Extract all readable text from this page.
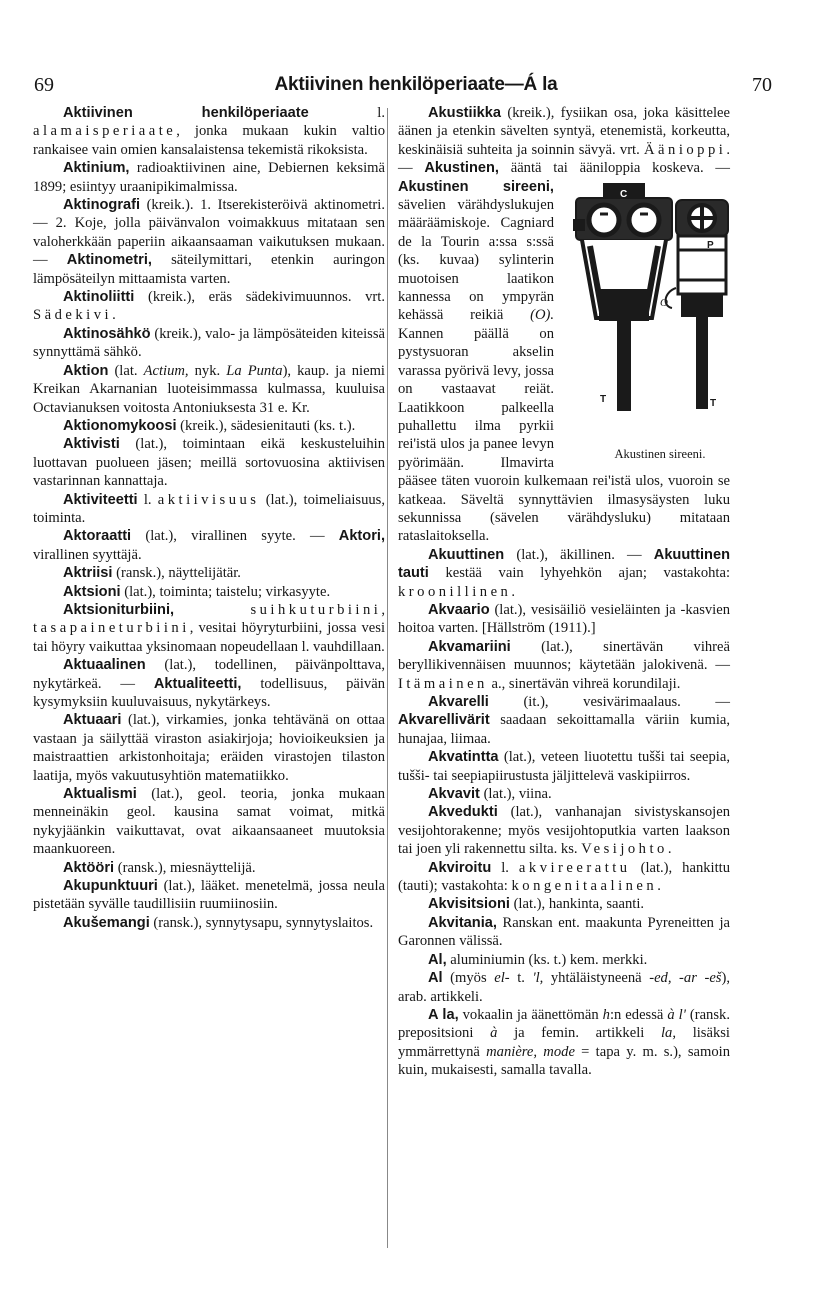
69	Aktiivinen henkilöperiaate—Á la	70

Aktiivinen henkilöperiaate l. alamaisperiaate, jonka mukaan kukin valtio rankaisee vain omien kansalaistensa tekemistä rikoksista.

Aktinium, radioaktiivinen aine, Debiernen keksimä 1899; esiintyy uraanipikimalmissa.

Aktinografi (kreik.). 1. Itserekisteröivä aktinometri. — 2. Koje, jolla päivänvalon voimakkuus mitataan sen valoherkkään paperiin aikaansaaman vaikutuksen mukaan. — Aktinometri, säteilymittari, etenkin auringon lämpösäteilyn mittaamista varten.

Aktinoliitti (kreik.), eräs sädekivimuunnos. vrt. Sädekivi.

Aktinosähkö (kreik.), valo- ja lämpösäteiden kiteissä synnyttämä sähkö.

Aktion (lat. Actium, nyk. La Punta), kaup. ja niemi Kreikan Akarnanian luoteisimmassa kulmassa, kuuluisa Octavianuksen voitosta Antoniuksesta 31 e. Kr.

Aktionomykoosi (kreik.), sädesienitauti (ks. t.).

Aktivisti (lat.), toimintaan eikä keskusteluihin luottavan puolueen jäsen; meillä sortovuosina aktiivisen vastarinnan kannattaja.

Aktiviteetti l. aktiivisuus (lat.), toimeliaisuus, toiminta.

Aktoraatti (lat.), virallinen syyte. — Aktori, virallinen syyttäjä.

Aktriisi (ransk.), näyttelijätär.

Aktsioni (lat.), toiminta; taistelu; virkasyyte.

Aktsioniturbiini,	suihkuturbiini, tasapaineturbiini, vesitai höyryturbiini, jossa vesi tai höyry vaikuttaa yksinomaan nopeudellaan l. vauhdillaan.

Aktuaalinen (lat.), todellinen, päivänpolttava, nykytärkeä. — Aktualiteetti, todellisuus, päivän kysymyksiin kuuluvaisuus, nykytärkeys.

Aktuaari (lat.), virkamies, jonka tehtävänä on ottaa vastaan ja säilyttää viraston asiakirjoja; hovioikeuksien ja maistraattien arkistonhoitaja; eräiden virastojen tilaston laatija, myös vakuutusyhtiön matematiikko.

Aktualismi (lat.), geol. teoria, jonka mukaan menneinäkin geol. kausina samat voimat, mitkä nykyjäänkin vaikuttavat, ovat aikaansaaneet muutoksia maankuoreen.

Aktööri (ransk.), miesnäyttelijä.

Akupunktuuri (lat.), lääket. menetelmä, jossa neula pistetään syvälle taudillisiin ruumiinosiin.

Akušemangi (ransk.), synnytysapu, synnytyslaitos.

Akustiikka (kreik.), fysiikan osa, joka käsittelee äänen ja etenkin sävelten syntyä, etenemistä, korkeutta, keskinäisiä suhteita ja soinnin sävyä. vrt. Äänioppi. — Akustinen, ääntä tai ääniloppia koskeva. — Akustinen sireeni,	C
P
O
T	T
Akustinen sireeni.
sävelien värähdyslukujen määräämiskoje. Cagniard de la Tourin a:ssa s:ssä (ks. kuvaa) sylinterin muotoisen laatikon kannessa on ympyrän kehässä reikiä (O). Kannen päällä on pystysuoran akselin varassa pyörivä levy, jossa on vastaavat reiät. Laatikkoon palkeella puhallettu ilma pyrkii rei'istä ulos ja panee levyn pyörimään. Ilmavirta pääsee täten vuoroin kulkemaan rei'istä ulos, vuoroin se katkeaa. Säveltä synnyttävien ilmasysäysten luku sekunnissa (sävelen värähdysluku) mitataan rataslaitoksella.

Akuuttinen (lat.), äkillinen. — Akuuttinen tauti kestää vain lyhyehkön ajan; vastakohta: kroonillinen.

Akvaario (lat.), vesisäiliö vesieläinten ja -kasvien hoitoa varten. [Hällström (1911).]

Akvamariini (lat.), sinertävän vihreä beryllikivennäisen muunnos; käytetään jalokivenä. — Itämainen a., sinertävän vihreä korundilaji.

Akvarelli (it.), vesivärimaalaus. — Akvarellivärit saadaan sekoittamalla väriin kumia, hunajaa, liimaa.

Akvatintta (lat.), veteen liuotettu tušši tai seepia, tušši- tai seepiapiirustusta jäljittelevä vaskipiirros.

Akvavit (lat.), viina.

Akvedukti (lat.), vanhanajan sivistyskansojen vesijohtorakenne; myös vesijohtoputkia varten laakson tai joen yli rakennettu silta. ks. Vesijohto.

Akviroitu l. akvireerattu (lat.), hankittu (tauti); vastakohta: kongenitaalinen.

Akvisitsioni (lat.), hankinta, saanti.

Akvitania, Ranskan ent. maakunta Pyreneitten ja Garonnen välissä.

Al, aluminiumin (ks. t.) kem. merkki.

Al (myös el- t. 'l, yhtäläistyneenä -ed, -ar -eš), arab. artikkeli.

A la, vokaalin ja äänettömän h:n edessä à l' (ransk. prepositsioni à ja femin. artikkeli la, lisäksi ymmärrettynä manière, mode = tapa y. m. s.), samoin kuin, mukaisesti, samalla tavalla.
